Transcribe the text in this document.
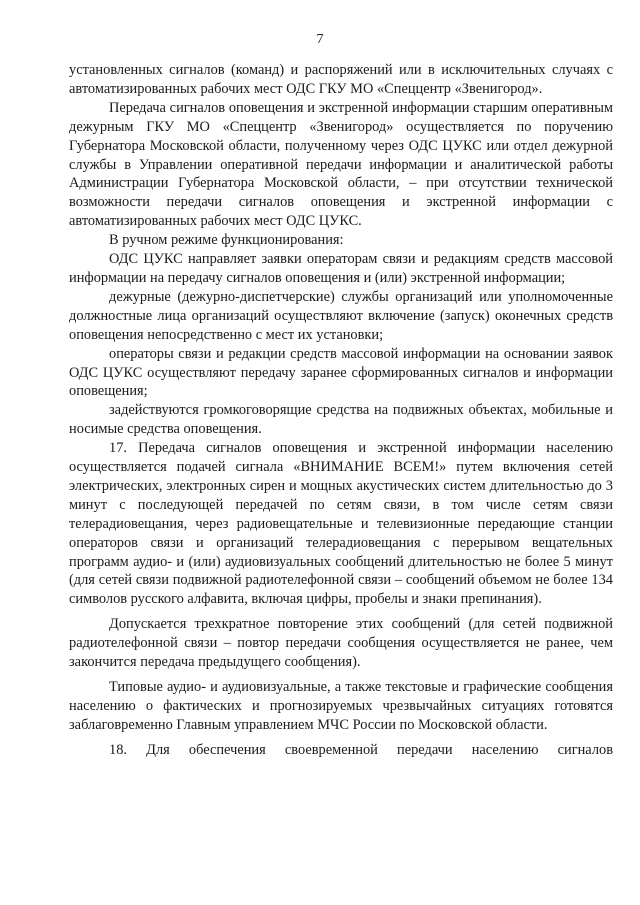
7

установленных сигналов (команд) и распоряжений или в исключительных случаях с автоматизированных рабочих мест ОДС ГКУ МО «Спеццентр «Звенигород».

Передача сигналов оповещения и экстренной информации старшим оперативным дежурным ГКУ МО «Спеццентр «Звенигород» осуществляется по поручению Губернатора Московской области, полученному через ОДС ЦУКС или отдел дежурной службы в Управлении оперативной передачи информации и аналитической работы Администрации Губернатора Московской области, – при отсутствии технической возможности передачи сигналов оповещения и экстренной информации с автоматизированных рабочих мест ОДС ЦУКС.

В ручном режиме функционирования:

ОДС ЦУКС направляет заявки операторам связи и редакциям средств массовой информации на передачу сигналов оповещения и (или) экстренной информации;

дежурные (дежурно-диспетчерские) службы организаций или уполномоченные должностные лица организаций осуществляют включение (запуск) оконечных средств оповещения непосредственно с мест их установки;

операторы связи и редакции средств массовой информации на основании заявок ОДС ЦУКС осуществляют передачу заранее сформированных сигналов и информации оповещения;

задействуются громкоговорящие средства на подвижных объектах, мобильные и носимые средства оповещения.

17. Передача сигналов оповещения и экстренной информации населению осуществляется подачей сигнала «ВНИМАНИЕ ВСЕМ!» путем включения сетей электрических, электронных сирен и мощных акустических систем длительностью до 3 минут с последующей передачей по сетям связи, в том числе сетям связи телерадиовещания, через радиовещательные и телевизионные передающие станции операторов связи и организаций телерадиовещания с перерывом вещательных программ аудио- и (или) аудиовизуальных сообщений длительностью не более 5 минут (для сетей связи подвижной радиотелефонной связи – сообщений объемом не более 134 символов русского алфавита, включая цифры, пробелы и знаки препинания).

Допускается трехкратное повторение этих сообщений (для сетей подвижной радиотелефонной связи – повтор передачи сообщения осуществляется не ранее, чем закончится передача предыдущего сообщения).

Типовые аудио- и аудиовизуальные, а также текстовые и графические сообщения населению о фактических и прогнозируемых чрезвычайных ситуациях готовятся заблаговременно Главным управлением МЧС России по Московской области.

18. Для обеспечения своевременной передачи населению сигналов
